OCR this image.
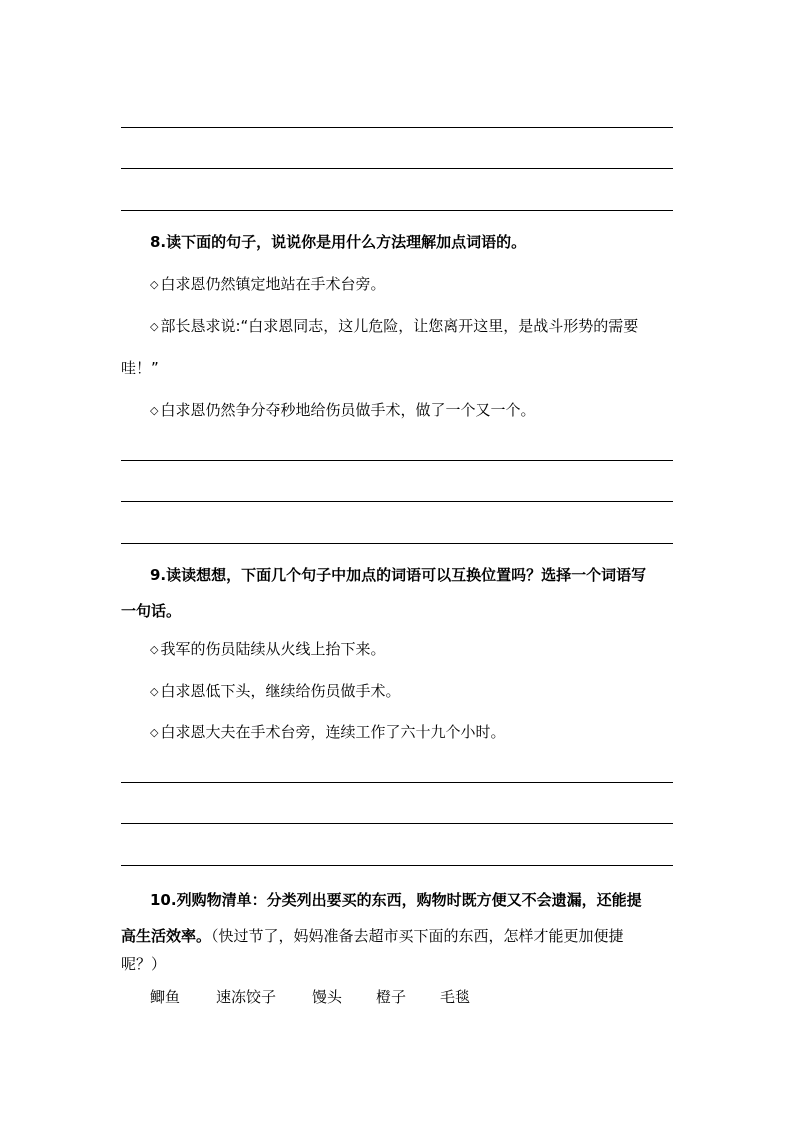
8.读下面的句子，说说你是用什么方法理解加点词语的。
◇ 白求恩仍然镇定地站在手术台旁。
◇ 部长恳求说:“白求恩同志，这儿危险，让您离开这里，是战斗形势的需要
哇！”
◇ 白求恩仍然争分夺秒地给伤员做手术，做了一个又一个。
9.读读想想，下面几个句子中加点的词语可以互换位置吗？选择一个词语写
一句话。
◇ 我军的伤员陆续从火线上抬下来。
◇ 白求恩低下头，继续给伤员做手术。
◇ 白求恩大夫在手术台旁，连续工作了六十九个小时。
10.列购物清单：分类列出要买的东西，购物时既方便又不会遗漏，还能提
高生活效率。（快过节了，妈妈准备去超市买下面的东西，怎样才能更加便捷
呢？）
鲫鱼 速冻饺子 馒头 橙子 毛毯
